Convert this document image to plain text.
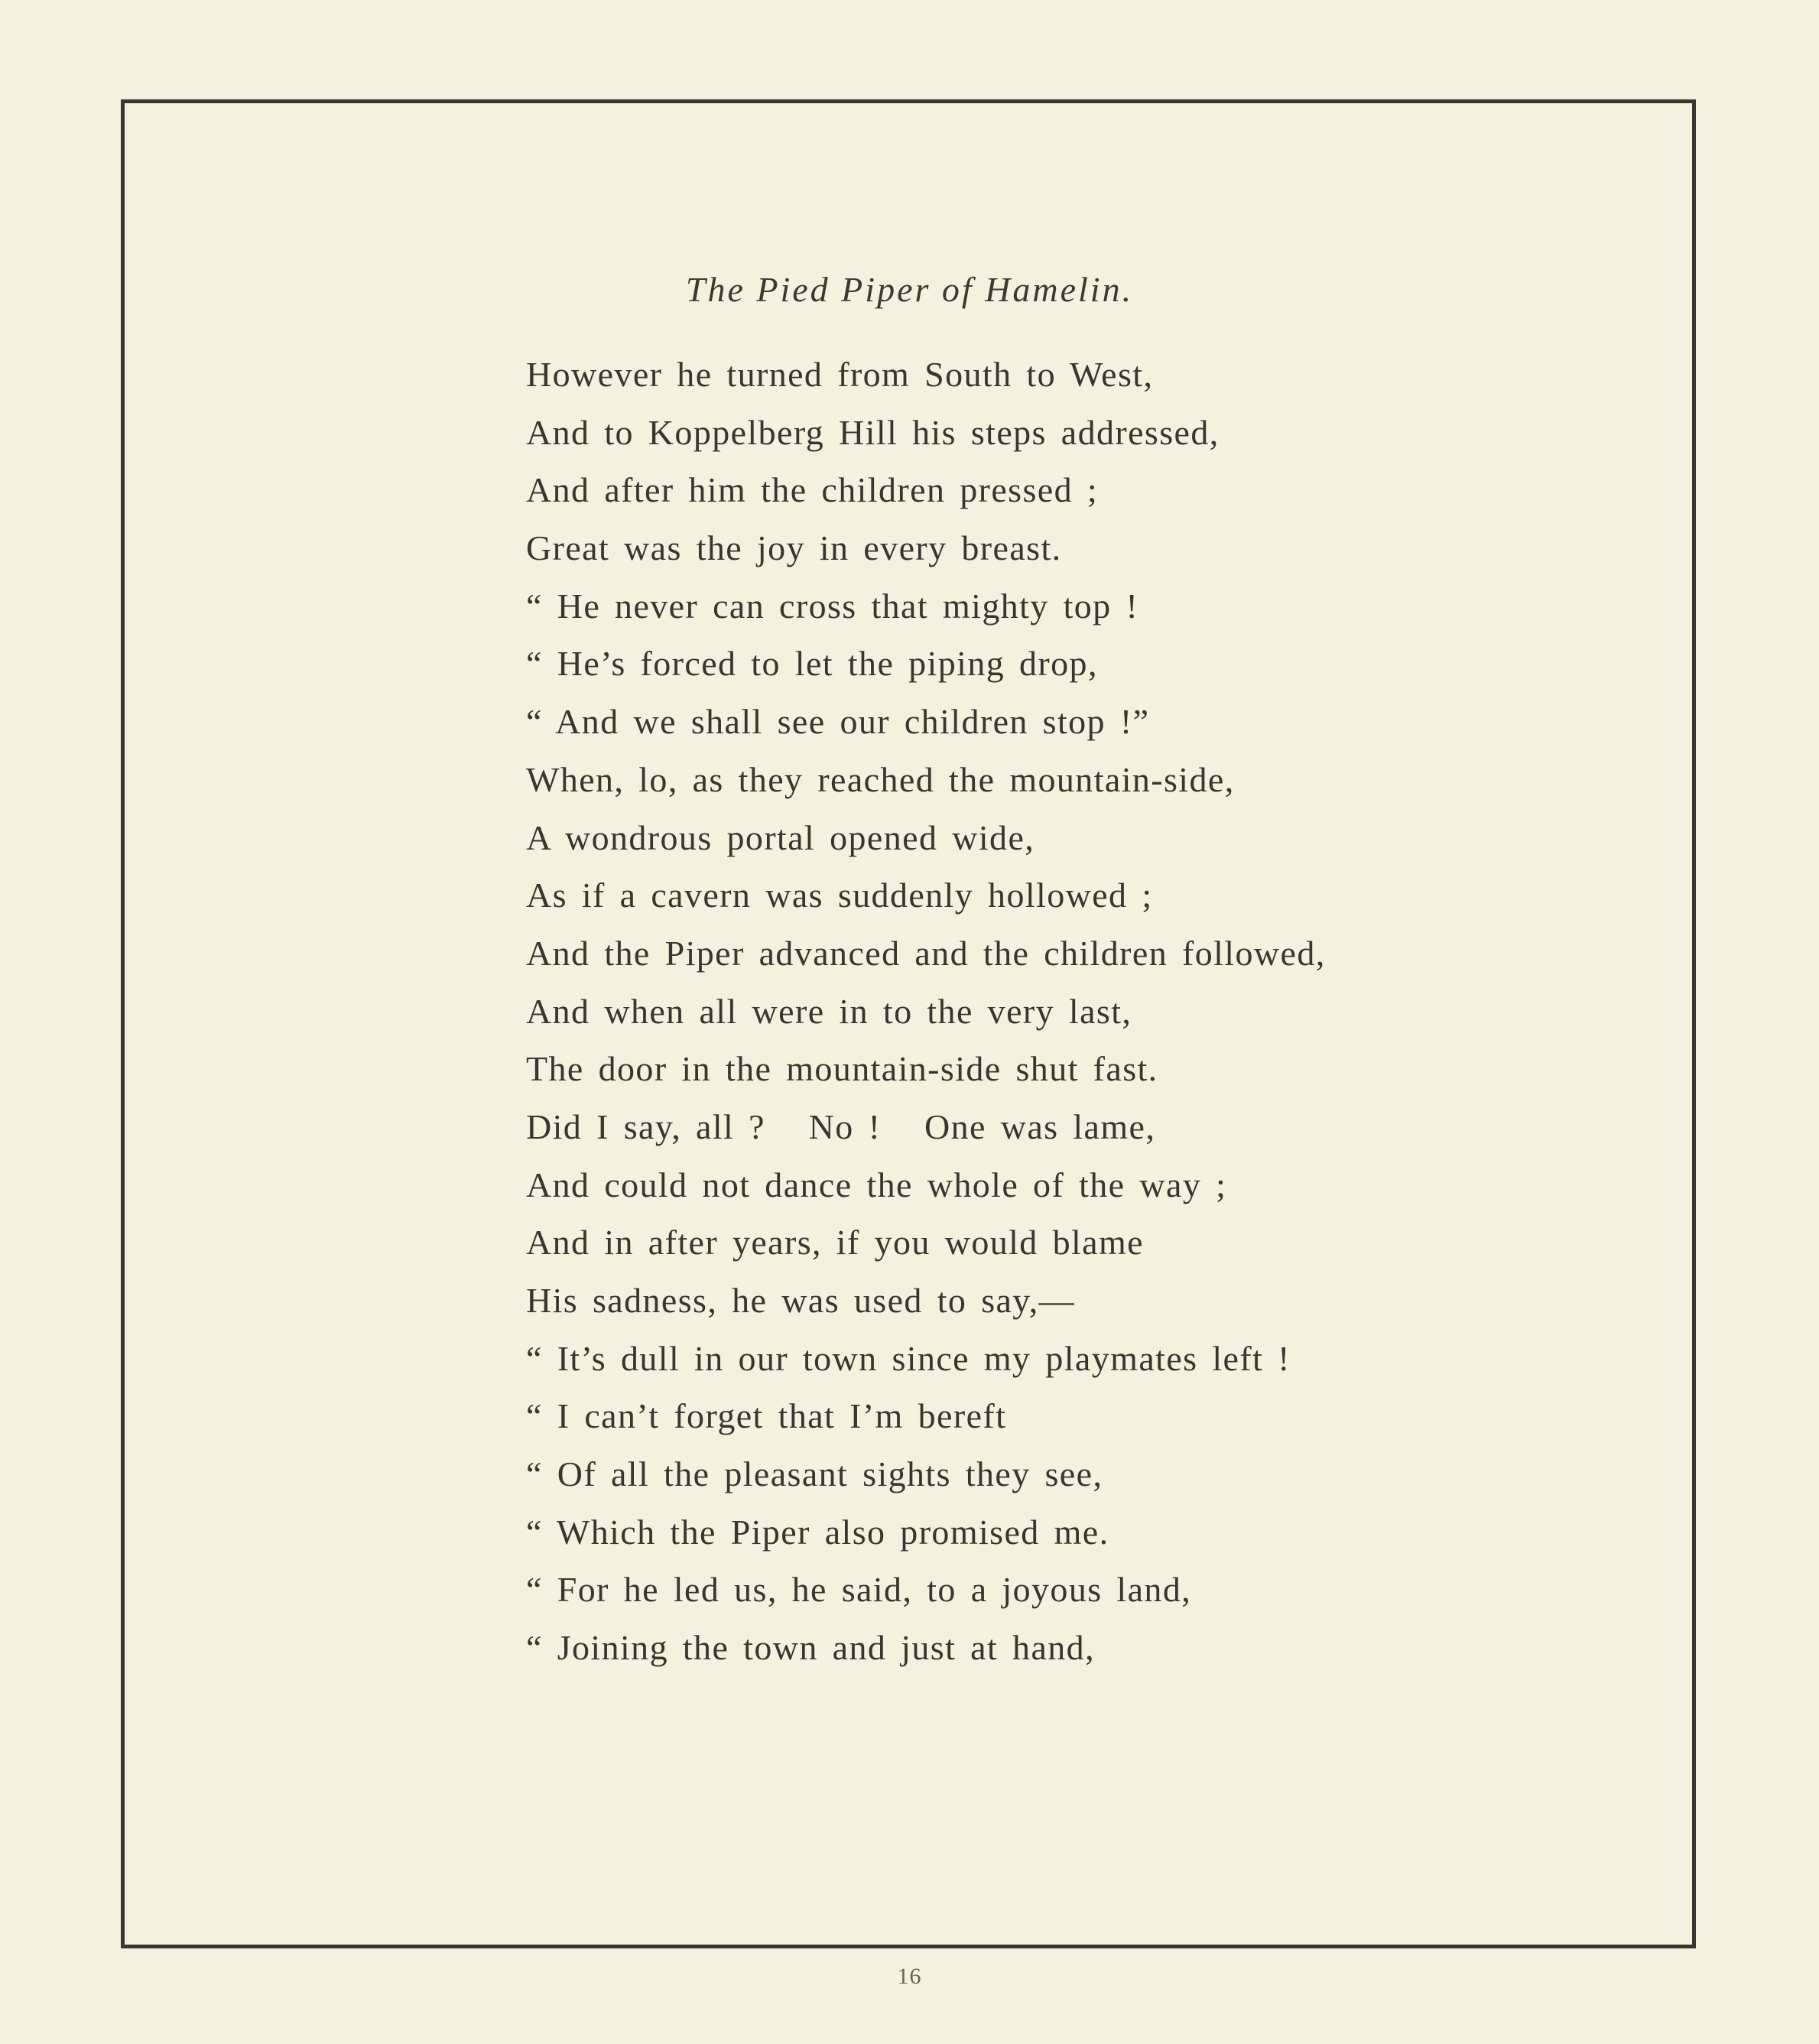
The Pied Piper of Hamelin.
However he turned from South to West,
And to Koppelberg Hill his steps addressed,
And after him the children pressed ;
Great was the joy in every breast.
“ He never can cross that mighty top !
“ He’s forced to let the piping drop,
“ And we shall see our children stop !”
When, lo, as they reached the mountain-side,
A wondrous portal opened wide,
As if a cavern was suddenly hollowed ;
And the Piper advanced and the children followed,
And when all were in to the very last,
The door in the mountain-side shut fast.
Did I say, all ?   No !   One was lame,
And could not dance the whole of the way ;
And in after years, if you would blame
His sadness, he was used to say,—
“ It’s dull in our town since my playmates left !
“ I can’t forget that I’m bereft
“ Of all the pleasant sights they see,
“ Which the Piper also promised me.
“ For he led us, he said, to a joyous land,
“ Joining the town and just at hand,
16
